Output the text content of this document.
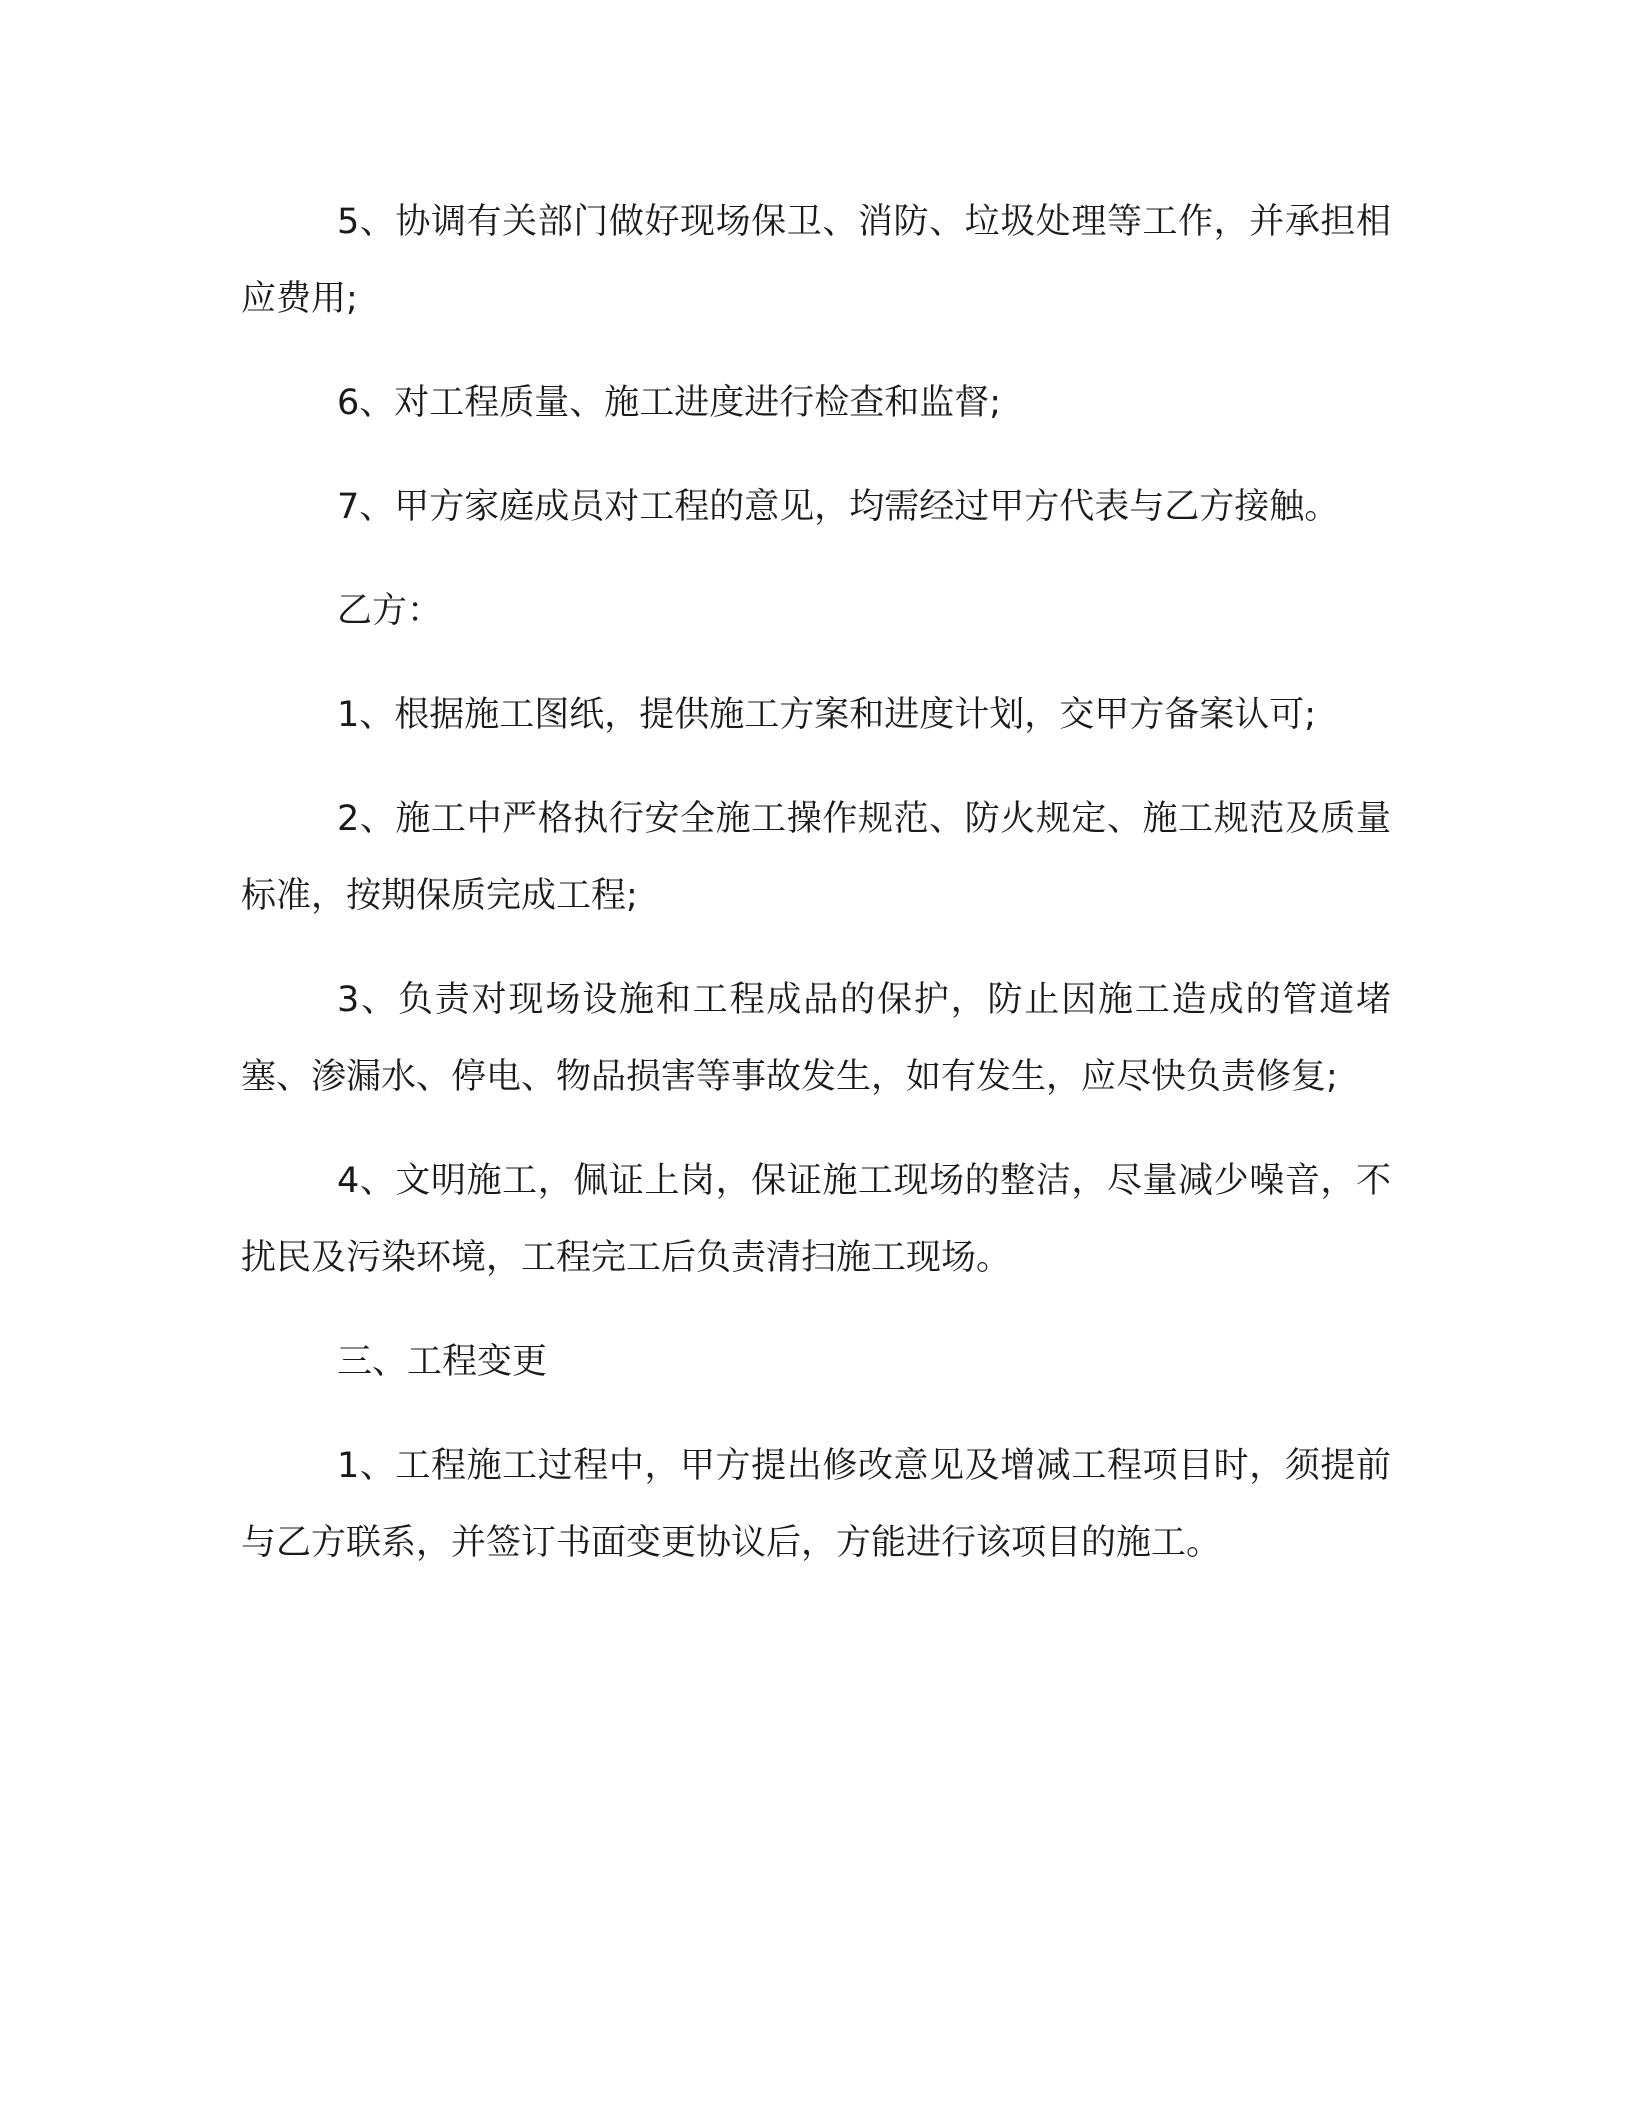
5、协调有关部门做好现场保卫、消防、垃圾处理等工作，并承担相应费用;

6、对工程质量、施工进度进行检查和监督;

7、甲方家庭成员对工程的意见，均需经过甲方代表与乙方接触。

乙方：

1、根据施工图纸，提供施工方案和进度计划，交甲方备案认可;

2、施工中严格执行安全施工操作规范、防火规定、施工规范及质量标准，按期保质完成工程;

3、负责对现场设施和工程成品的保护，防止因施工造成的管道堵塞、渗漏水、停电、物品损害等事故发生，如有发生，应尽快负责修复;

4、文明施工，佩证上岗，保证施工现场的整洁，尽量减少噪音，不扰民及污染环境，工程完工后负责清扫施工现场。

三、工程变更

1、工程施工过程中，甲方提出修改意见及增减工程项目时，须提前与乙方联系，并签订书面变更协议后，方能进行该项目的施工。
